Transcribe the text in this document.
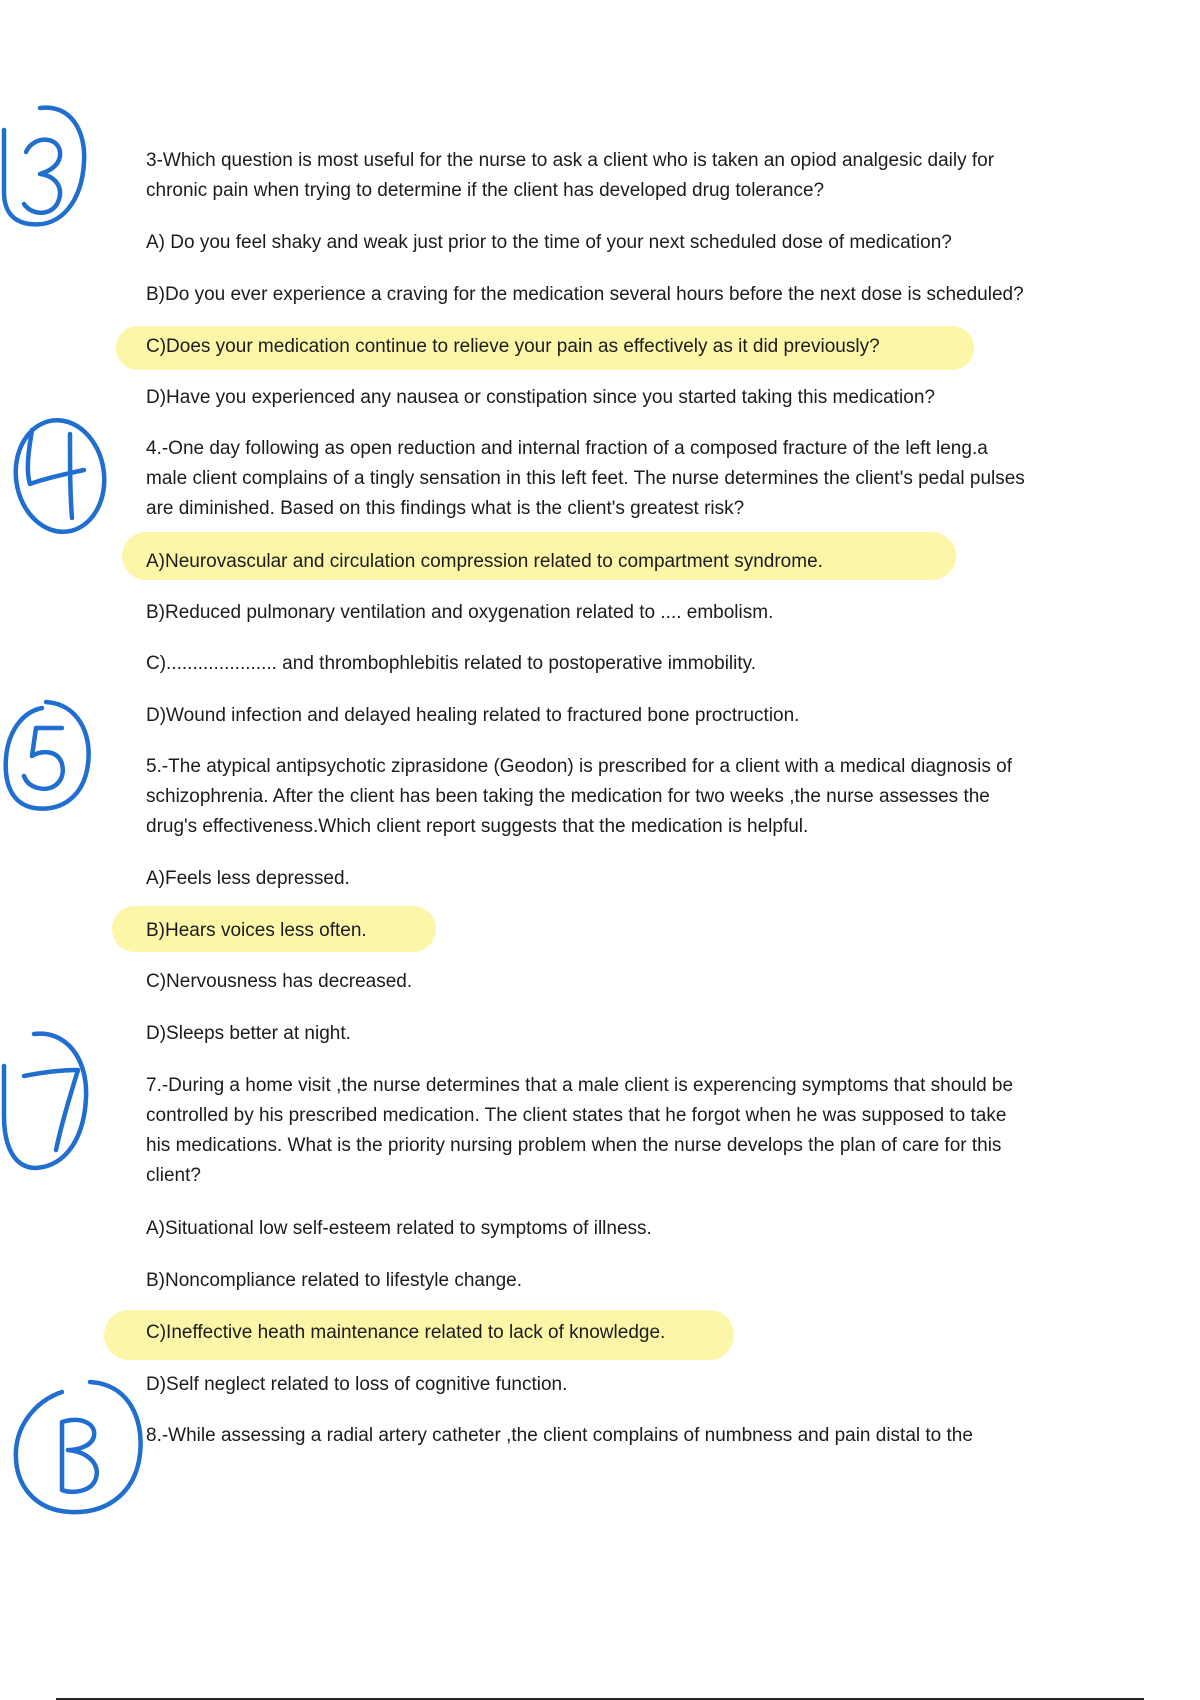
3-Which question is most useful for the nurse to ask a client who is taken an opiod analgesic daily for
chronic pain when trying to determine if the client has developed drug tolerance?
A) Do you feel shaky and weak just prior to the time of your next scheduled dose of medication?
B)Do you ever experience a craving for the medication several hours before the next dose is scheduled?
C)Does your medication continue to relieve your pain as effectively as it did previously?
D)Have you experienced any nausea or constipation since you started taking this medication?
4.-One day following as open reduction and internal fraction of a composed fracture of the left leng.a
male client complains of a tingly sensation in this left feet. The nurse determines the client's pedal pulses
are diminished. Based on this findings what is the client's greatest risk?
A)Neurovascular and circulation compression related to compartment syndrome.
B)Reduced pulmonary ventilation and oxygenation related to .... embolism.
C)..................... and thrombophlebitis related to postoperative immobility.
D)Wound infection and delayed healing related to fractured bone proctruction.
5.-The atypical antipsychotic ziprasidone (Geodon) is prescribed for a client with a medical diagnosis of
schizophrenia. After the client has been taking the medication for two weeks ,the nurse assesses the
drug's effectiveness.Which client report suggests that the medication is helpful.
A)Feels less depressed.
B)Hears voices less often.
C)Nervousness has decreased.
D)Sleeps better at night.
7.-During a home visit ,the nurse determines that a male client is experencing symptoms that should be
controlled by his prescribed medication. The client states that he forgot when he was supposed to take
his medications. What is the priority nursing problem when the nurse develops the plan of care for this
client?
A)Situational low self-esteem related to symptoms of illness.
B)Noncompliance related to lifestyle change.
C)Ineffective heath maintenance related to lack of knowledge.
D)Self neglect related to loss of cognitive function.
8.-While assessing a radial artery catheter ,the client complains of numbness and pain distal to the
